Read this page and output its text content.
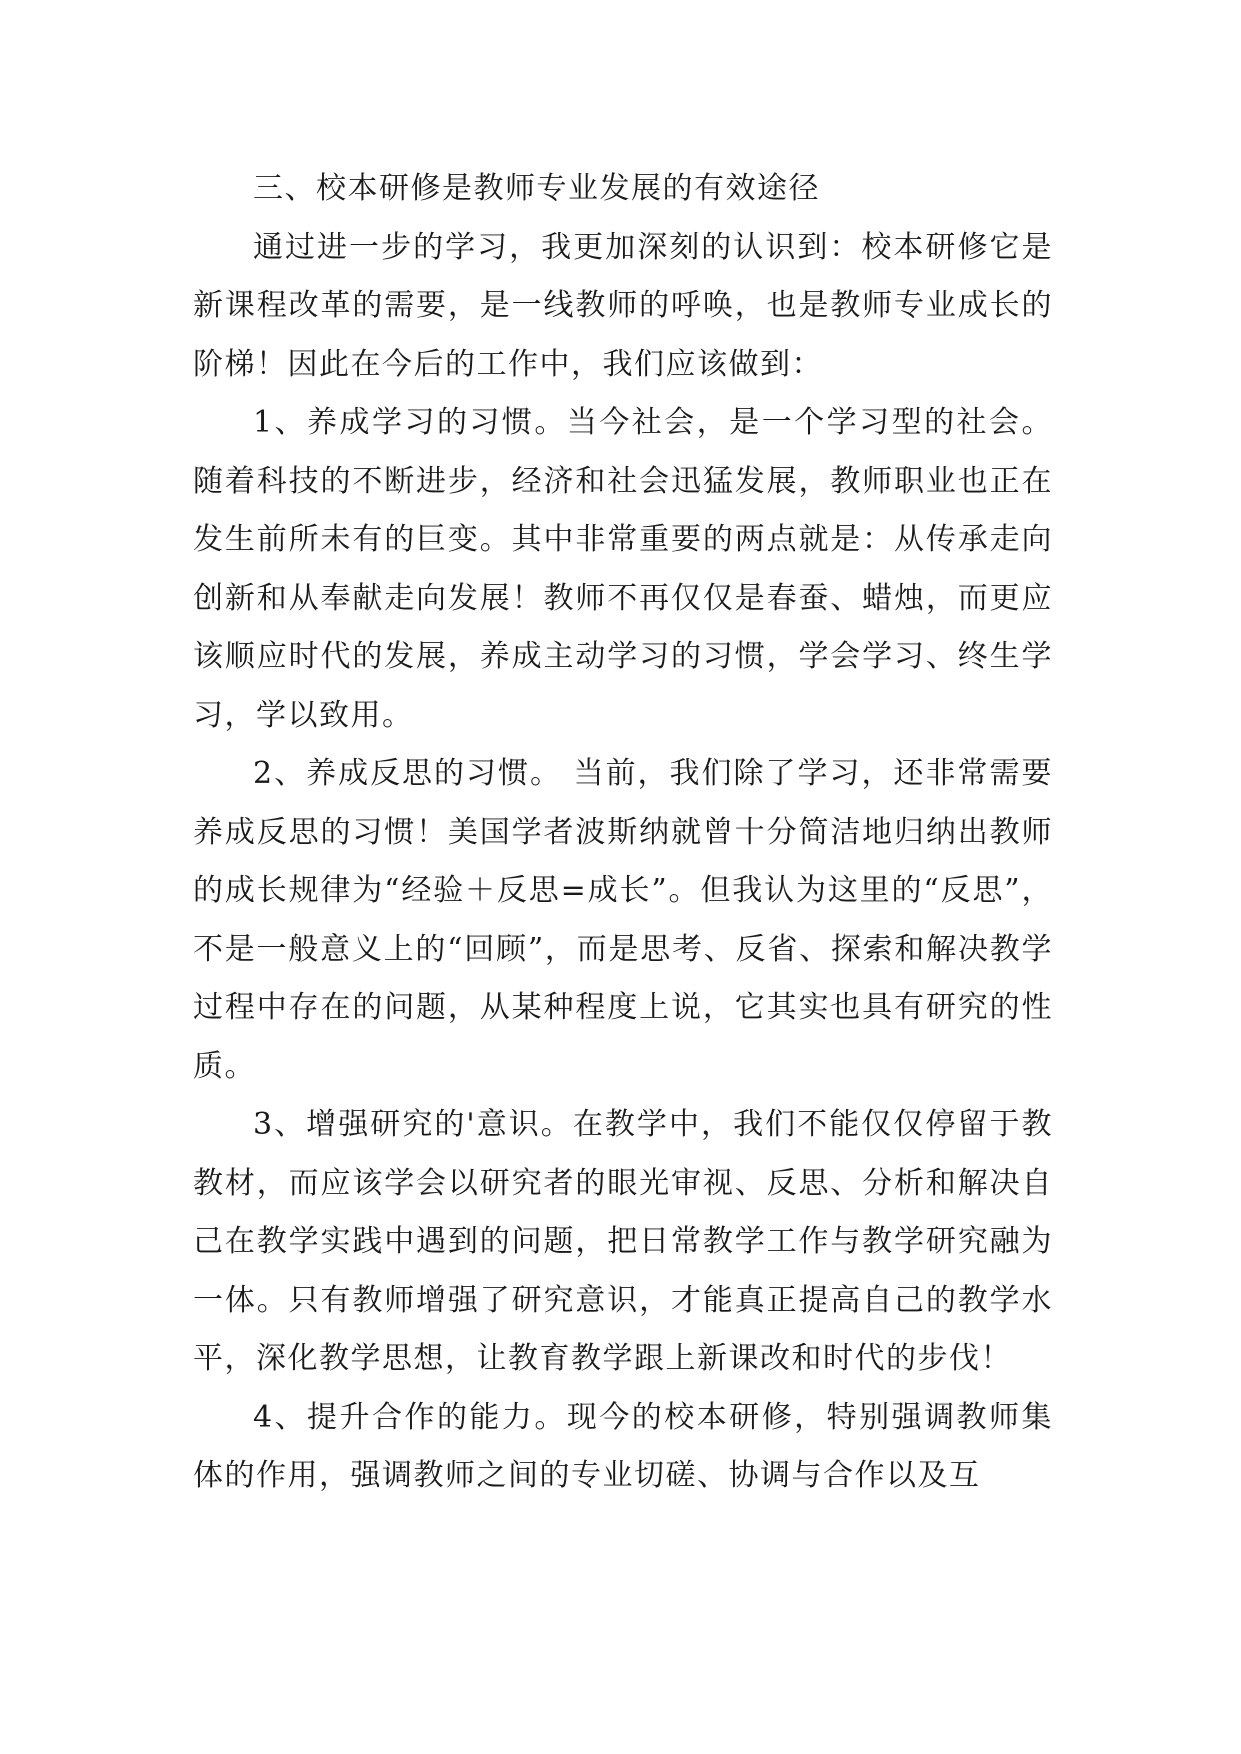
三、校本研修是教师专业发展的有效途径

通过进一步的学习，我更加深刻的认识到：校本研修它是新课程改革的需要，是一线教师的呼唤，也是教师专业成长的阶梯！因此在今后的工作中，我们应该做到：

1、养成学习的习惯。当今社会，是一个学习型的社会。随着科技的不断进步，经济和社会迅猛发展，教师职业也正在发生前所未有的巨变。其中非常重要的两点就是：从传承走向创新和从奉献走向发展！教师不再仅仅是春蚕、蜡烛，而更应该顺应时代的发展，养成主动学习的习惯，学会学习、终生学习，学以致用。

2、养成反思的习惯。 当前，我们除了学习，还非常需要养成反思的习惯！美国学者波斯纳就曾十分简洁地归纳出教师的成长规律为“经验＋反思=成长”。但我认为这里的“反思”，不是一般意义上的“回顾”，而是思考、反省、探索和解决教学过程中存在的问题，从某种程度上说，它其实也具有研究的性质。

3、增强研究的'意识。在教学中，我们不能仅仅停留于教教材，而应该学会以研究者的眼光审视、反思、分析和解决自己在教学实践中遇到的问题，把日常教学工作与教学研究融为一体。只有教师增强了研究意识，才能真正提高自己的教学水平，深化教学思想，让教育教学跟上新课改和时代的步伐！

4、提升合作的能力。现今的校本研修，特别强调教师集体的作用，强调教师之间的专业切磋、协调与合作以及互
